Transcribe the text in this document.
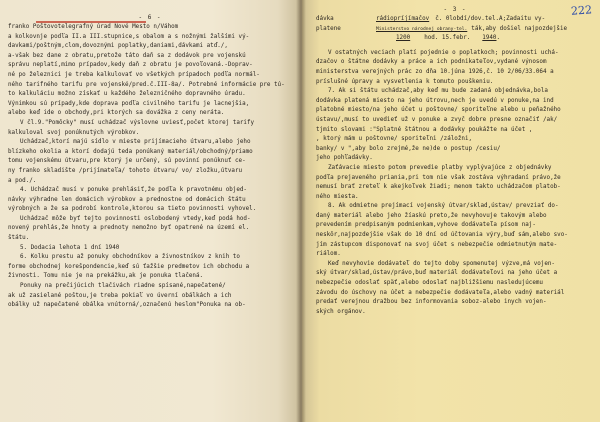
- 6 -

franko Poštovotelegrafný úrad Nové Mesto n/Váhom

a kolkovnje podľa II.a III.stupnice,s obalom a s nožnými žalšími vý-

davkami/poštným,clom,dovoznými poplatky,daniami,dávkami atď./,

a-však bez dane z obratu,pretože táto daň sa z dodávok pre vojenskú

správu neplatí,mimo prípadov,kedy daň z obratu je povoľovaná.-Doprav-

né po železnici je treba kalkulovať vo všetkých prípadoch podľa normál-

ného tarifného tarifu pre vojenské/pred.č.III-8a/. Potrebné informácie pre tú-

to kalkuláciu možno získať u každého železničného dopravného úradu.

Výnimkou sú prípady,kde doprava podľa civilného tarifu je lacnejšia,

alebo keď ide o obchody,pri ktorých sa dovážka z ceny neráta.

V čl.9."Pomôcky" musí uchádzač výslovne uviesť,počet ktorej tarify

kalkuloval svoj ponúknutých výrobkov.

Uchádzač,ktorí majú sídlo v mieste prijímacieho útvaru,alebo jeho

blízkeho okolia a ktorí dodajú teda ponúkaný materiál/obchodný/priamo

tomu vojenskému útvaru,pre ktorý je určený, sú povinní ponúknuť ce-

ny franko skladište /prijímateľa/ tohoto útvaru/ vo/ zložku,útvaru

a pod./.

4. Uchádzač musí v ponuke prehlásiť,že podľa k pravotnému objed-

návky výhradne len domácich výrobkov a prednostne od domácich štátu

výrobných a že sa podrobí kontrole,ktorou sa tieto povinnosti vyhovel.

Uchádzač môže byť tejto povinnosti oslobodený vtedy,keď podá hod-

novený prehlás,že hnoty a prednoty nemožno byť opatrené na území el.

štátu.

5. Dodacia lehota 1 dní 1940

6. Kolku prestu až ponuky obchodníkov a živnostníkov z knih to

forme obchodnej korešpondencie,keď sú ťažšie predmetov ich obchodu a

živnosti. Tomu nie je na prekážku,ak je ponuka tlačená.

Ponuky na prečijúcich tlačivách riadne spísané,napečatené/

ak už zasielané poštou,je treba pokiaľ vo úverní obálkách a ich

obálky už napečatené obálka vnútorná/,označenú heslom"Ponuka na ob-

222
- 3 -
dávka	rádiopríjímačov č. 0lobdí/dov.tel.A;Zadaitu vy-
platene	Ministerstvo národnej obrany-tel. ták,aby došiel najpozdejšie
1200 hod. 15.febr. 1940 .

V ostatných veciach platí pojednie o poplatkoch; povinnosti uchá-

dzačov o štátne dodávky a práce a ich podnikateľov,vydané výnosom

ministerstva verejných prác zo dňa 10.júna 1926,č. 10 2/06/33.064 a

príslušné úpravy a vysvetlenia k tomuto pouškeniu.

7. Ak si štátu uchádzač,aby keď mu bude zadaná objednávka,bola

dodávka platená miesto na jeho útrovu,nech je uvedú v ponuke,na ind

platobné miesto/na jeho účet u poštovne/ sporiteľne alebo u peňažného

ústavu/,musí to uvedieť už v ponuke a zvyč dobre presne označiť /ak/

tjmito slovami :"Splatné štátnou a dodávky poukážte na účet ,

, ktorý mám u poštovne/ sporiteľni /záložni,

banky/ v ",aby bolo zrejmé,že ne)de o postup /cesiu/

jeho pohľadávky.

Zaťávacie miesto potom prevedie platby vyplývajúce z objednávky

podľa prejaveného priania,pri tom nie však zostáva výhradaní právo,že

nemusí brať zreteľ k akejkoľvek žiadi; menom takto uchádzačom platob-

ného miesta.

8. Ak odmietne prejímací vojenský útvar/sklad,ústav/ prevziať do-

daný materiál alebo jeho žíaskú preto,že nevyhovuje takovým alebo

prevedením predpisaným podmienkam,vyhove dodávateľa písom naj-

neskôr,najpozdejšie však do 10 dní od účtovania výry,buď sám,alebo svo-

jím zástupcom disponovať na svoj účet s nebezpečie odmietnutým mate-

riálom.

Keď nevyhovie dodávateľ do tejto doby spomenutej výzve,má vojen-

ský útvar/sklad,ústav/právo,buď materiál dodávateľovi na jeho účet a

nebezpečie odoslať späť,alebo odoslať najbližšiemu nasledujúcemu

závodu do úschovy na účet a nebezpečie dodávateľa,alebo vadný materiál

predať verejnou dražbou bez informovania soboz-alebo inych vojen-

ských orgánov.
